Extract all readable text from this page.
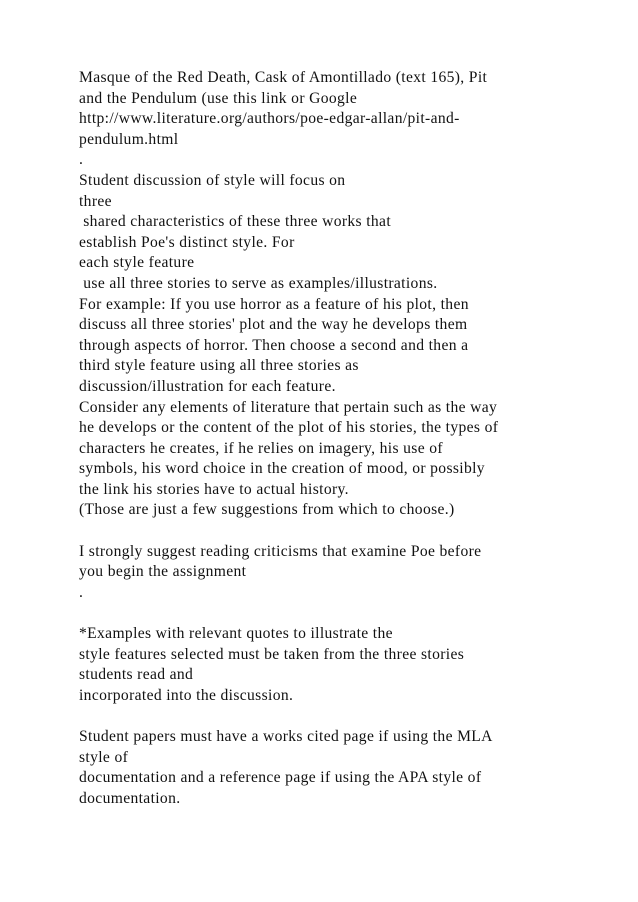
Masque of the Red Death, Cask of Amontillado (text 165), Pit
and the Pendulum (use this link or Google
http://www.literature.org/authors/poe-edgar-allan/pit-and-
pendulum.html
.
Student discussion of style will focus on
three
shared characteristics of these three works that
establish Poe's distinct style. For
each style feature
use all three stories to serve as examples/illustrations.
For example: If you use horror as a feature of his plot, then
discuss all three stories' plot and the way he develops them
through aspects of horror. Then choose a second and then a
third style feature using all three stories as
discussion/illustration for each feature.
Consider any elements of literature that pertain such as the way
he develops or the content of the plot of his stories, the types of
characters he creates, if he relies on imagery, his use of
symbols, his word choice in the creation of mood, or possibly
the link his stories have to actual history.
(Those are just a few suggestions from which to choose.)
I strongly suggest reading criticisms that examine Poe before
you begin the assignment
.
*Examples with relevant quotes to illustrate the
style features selected must be taken from the three stories
students read and
incorporated into the discussion.
Student papers must have a works cited page if using the MLA
style of
documentation and a reference page if using the APA style of
documentation.
